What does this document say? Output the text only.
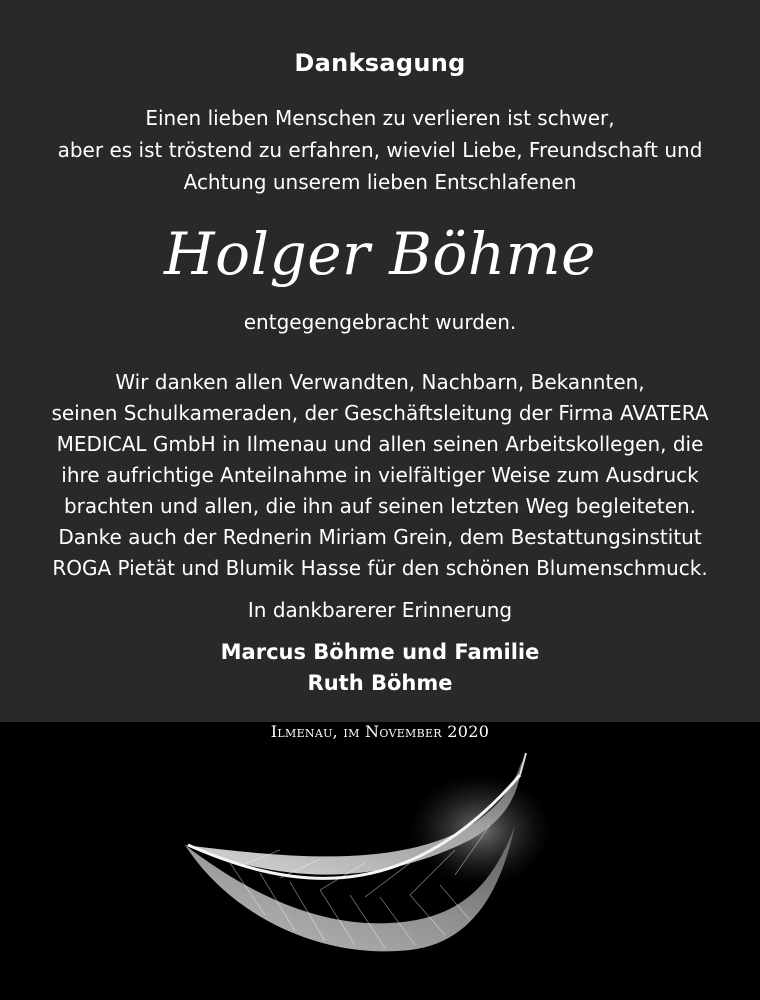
Danksagung
Einen lieben Menschen zu verlieren ist schwer,
aber es ist tröstend zu erfahren, wieviel Liebe, Freundschaft und
Achtung unserem lieben Entschlafenen
Holger Böhme
entgegengebracht wurden.
Wir danken allen Verwandten, Nachbarn, Bekannten,
seinen Schulkameraden, der Geschäftsleitung der Firma AVATERA
MEDICAL GmbH in Ilmenau und allen seinen Arbeitskollegen, die
ihre aufrichtige Anteilnahme in vielfältiger Weise zum Ausdruck
brachten und allen, die ihn auf seinen letzten Weg begleiteten.
Danke auch der Rednerin Miriam Grein, dem Bestattungsinstitut
ROGA Pietät und Blumik Hasse für den schönen Blumenschmuck.
In dankbarerer Erinnerung
Marcus Böhme und Familie
Ruth Böhme
Ilmenau, im November 2020
